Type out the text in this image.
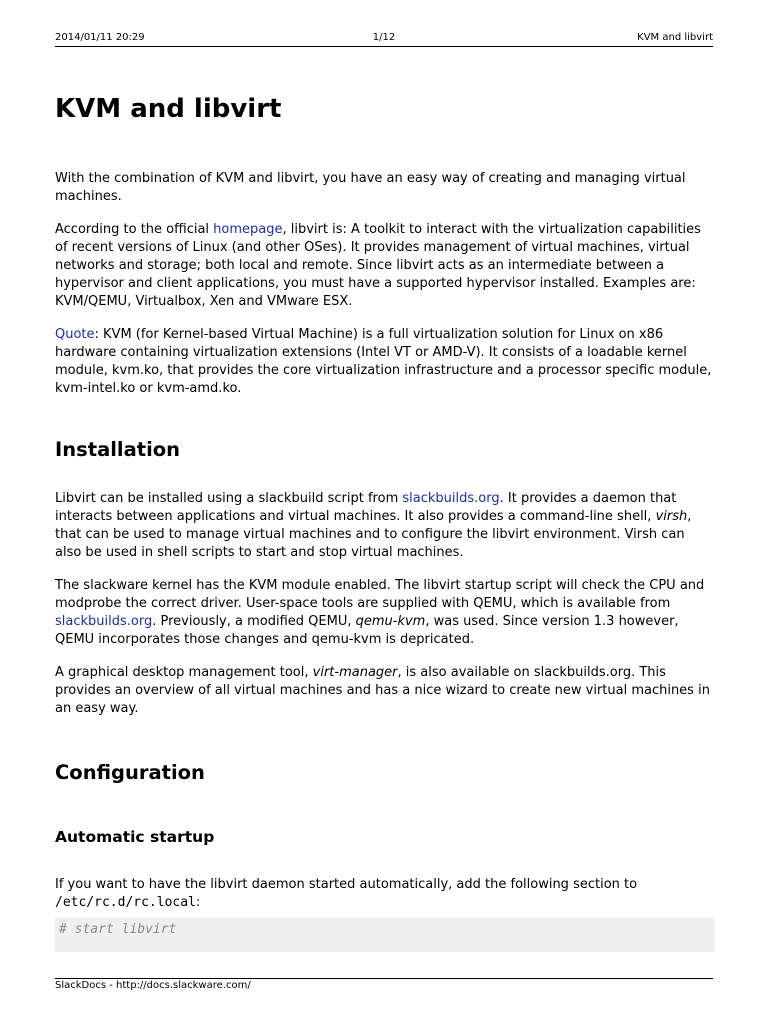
2014/01/11 20:29	1/12	KVM and libvirt
KVM and libvirt

With the combination of KVM and libvirt, you have an easy way of creating and managing virtual machines.

According to the official homepage, libvirt is: A toolkit to interact with the virtualization capabilities of recent versions of Linux (and other OSes). It provides management of virtual machines, virtual networks and storage; both local and remote. Since libvirt acts as an intermediate between a hypervisor and client applications, you must have a supported hypervisor installed. Examples are: KVM/QEMU, Virtualbox, Xen and VMware ESX.

Quote: KVM (for Kernel-based Virtual Machine) is a full virtualization solution for Linux on x86 hardware containing virtualization extensions (Intel VT or AMD-V). It consists of a loadable kernel module, kvm.ko, that provides the core virtualization infrastructure and a processor specific module, kvm-intel.ko or kvm-amd.ko.

Installation

Libvirt can be installed using a slackbuild script from slackbuilds.org. It provides a daemon that interacts between applications and virtual machines. It also provides a command-line shell, virsh, that can be used to manage virtual machines and to configure the libvirt environment. Virsh can also be used in shell scripts to start and stop virtual machines.

The slackware kernel has the KVM module enabled. The libvirt startup script will check the CPU and modprobe the correct driver. User-space tools are supplied with QEMU, which is available from slackbuilds.org. Previously, a modified QEMU, qemu-kvm, was used. Since version 1.3 however, QEMU incorporates those changes and qemu-kvm is depricated.

A graphical desktop management tool, virt-manager, is also available on slackbuilds.org. This provides an overview of all virtual machines and has a nice wizard to create new virtual machines in an easy way.

Configuration
Automatic startup

If you want to have the libvirt daemon started automatically, add the following section to /etc/rc.d/rc.local:

# start libvirt
SlackDocs - http://docs.slackware.com/
